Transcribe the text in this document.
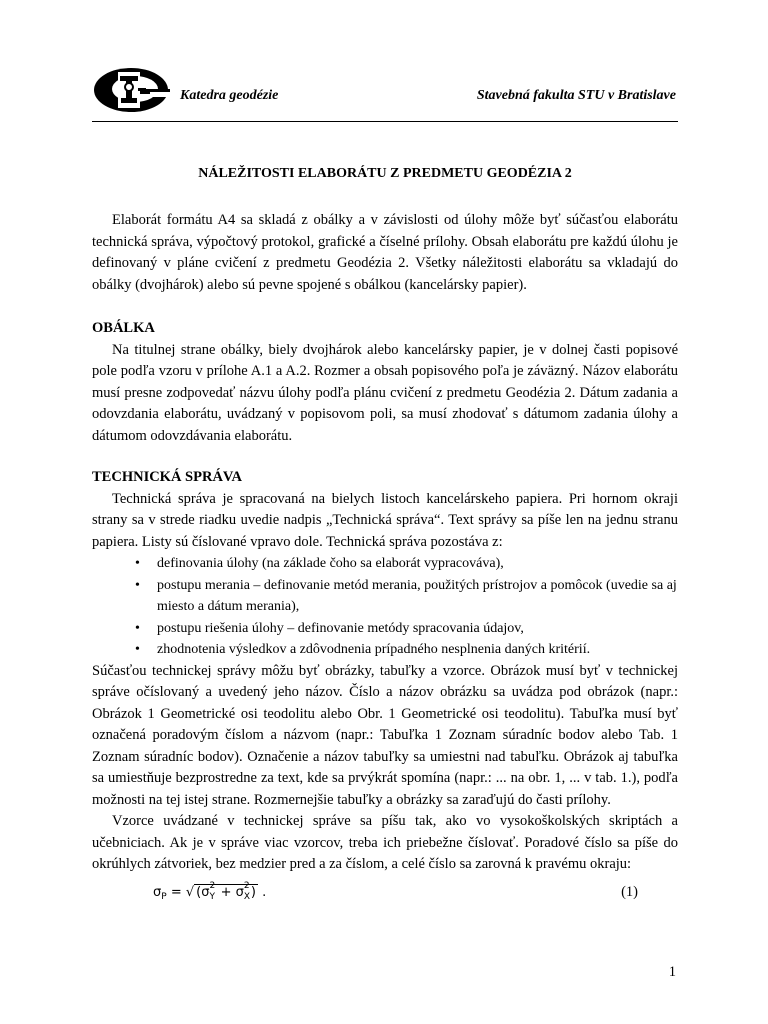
Katedra geodézie	Stavebná fakulta STU v Bratislave
NÁLEŽITOSTI ELABORÁTU Z PREDMETU GEODÉZIA 2

Elaborát formátu A4 sa skladá z obálky a v závislosti od úlohy môže byť súčasťou elaborátu technická správa, výpočtový protokol, grafické a číselné prílohy. Obsah elaborátu pre každú úlohu je definovaný v pláne cvičení z predmetu Geodézia 2. Všetky náležitosti elaborátu sa vkladajú do obálky (dvojhárok) alebo sú pevne spojené s obálkou (kancelársky papier).

OBÁLKA

Na titulnej strane obálky, biely dvojhárok alebo kancelársky papier, je v dolnej časti popisové pole podľa vzoru v prílohe A.1 a A.2. Rozmer a obsah popisového poľa je záväzný. Názov elaborátu musí presne zodpovedať názvu úlohy podľa plánu cvičení z predmetu Geodézia 2. Dátum zadania a odovzdania elaborátu, uvádzaný v popisovom poli, sa musí zhodovať s dátumom zadania úlohy a dátumom odovzdávania elaborátu.

TECHNICKÁ SPRÁVA

Technická správa je spracovaná na bielych listoch kancelárskeho papiera. Pri hornom okraji strany sa v strede riadku uvedie nadpis „Technická správa“. Text správy sa píše len na jednu stranu papiera. Listy sú číslované vpravo dole. Technická správa pozostáva z:

• definovania úlohy (na základe čoho sa elaborát vypracováva),
• postupu merania – definovanie metód merania, použitých prístrojov a pomôcok (uvedie sa aj miesto a dátum merania),
• postupu riešenia úlohy – definovanie metódy spracovania údajov,
• zhodnotenia výsledkov a zdôvodnenia prípadného nesplnenia daných kritérií.

Súčasťou technickej správy môžu byť obrázky, tabuľky a vzorce. Obrázok musí byť v technickej správe očíslovaný a uvedený jeho názov. Číslo a názov obrázku sa uvádza pod obrázok (napr.: Obrázok 1 Geometrické osi teodolitu alebo Obr. 1 Geometrické osi teodolitu). Tabuľka musí byť označená poradovým číslom a názvom (napr.: Tabuľka 1 Zoznam súradníc bodov alebo Tab. 1 Zoznam súradníc bodov). Označenie a názov tabuľky sa umiestni nad tabuľku. Obrázok aj tabuľka sa umiestňuje bezprostredne za text, kde sa prvýkrát spomína (napr.: ... na obr. 1, ... v tab. 1.), podľa možnosti na tej istej strane. Rozmernejšie tabuľky a obrázky sa zaraďujú do časti prílohy.

Vzorce uvádzané v technickej správe sa píšu tak, ako vo vysokoškolských skriptách a učebniciach. Ak je v správe viac vzorcov, treba ich priebežne číslovať. Poradové číslo sa píše do okrúhlych zátvoriek, bez medzier pred a za číslom, a celé číslo sa zarovná k pravému okraju:

$\sigma_P$ = √ (σ 2
Y + σ 2
X ) .	(1)
1
